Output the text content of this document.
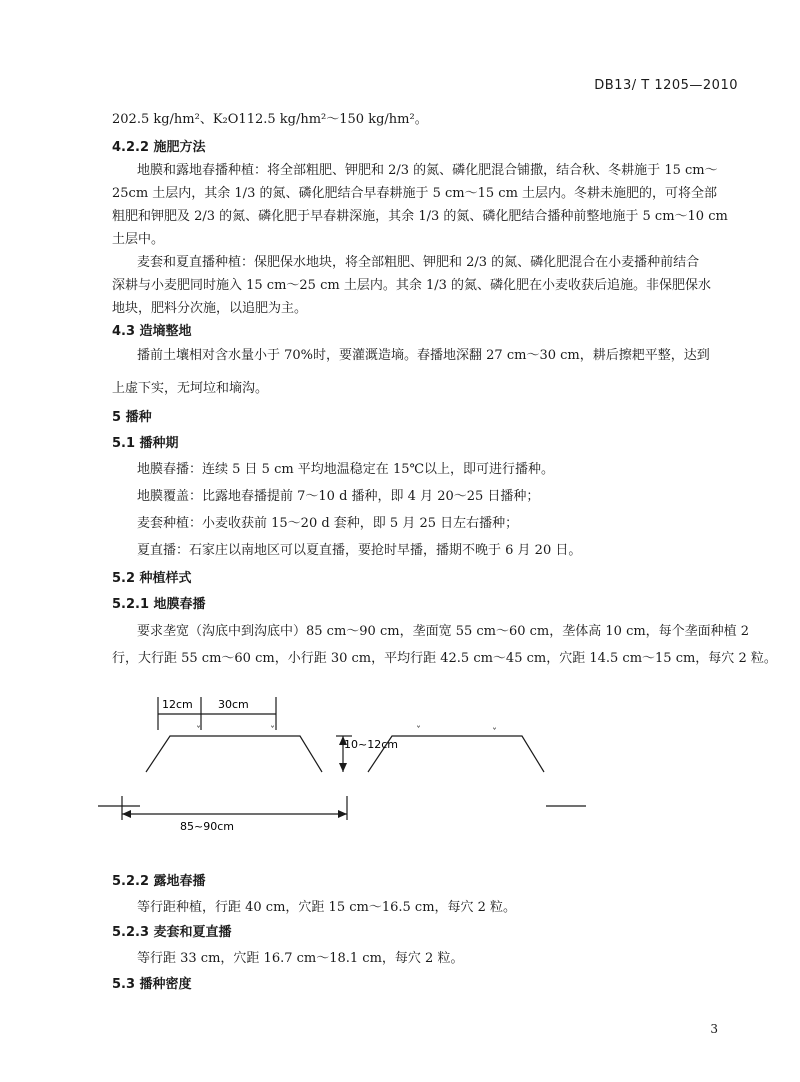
DB13/ T 1205—2010
202.5 kg/hm²、K₂O112.5 kg/hm²～150 kg/hm²。
4.2.2 施肥方法
地膜和露地春播种植：将全部粗肥、钾肥和 2/3 的氮、磷化肥混合铺撒，结合秋、冬耕施于 15 cm～
25cm 土层内，其余 1/3 的氮、磷化肥结合早春耕施于 5 cm～15 cm 土层内。冬耕未施肥的，可将全部
粗肥和钾肥及 2/3 的氮、磷化肥于早春耕深施，其余 1/3 的氮、磷化肥结合播种前整地施于 5 cm～10 cm
土层中。
麦套和夏直播种植：保肥保水地块，将全部粗肥、钾肥和 2/3 的氮、磷化肥混合在小麦播种前结合
深耕与小麦肥同时施入 15 cm～25 cm 土层内。其余 1/3 的氮、磷化肥在小麦收获后追施。非保肥保水
地块，肥料分次施，以追肥为主。
4.3 造墒整地
播前土壤相对含水量小于 70%时，要灌溉造墒。春播地深翻 27 cm～30 cm，耕后擦耙平整，达到
上虚下实，无坷垃和墒沟。
5 播种
5.1 播种期
地膜春播：连续 5 日 5 cm 平均地温稳定在 15℃以上，即可进行播种。
地膜覆盖：比露地春播提前 7～10 d 播种，即 4 月 20～25 日播种；
麦套种植：小麦收获前 15～20 d 套种，即 5 月 25 日左右播种；
夏直播：石家庄以南地区可以夏直播，要抢时早播，播期不晚于 6 月 20 日。
5.2 种植样式
5.2.1 地膜春播
要求垄宽（沟底中到沟底中）85 cm～90 cm，垄面宽 55 cm～60 cm，垄体高 10 cm，每个垄面种植 2
行，大行距 55 cm～60 cm，小行距 30 cm，平均行距 42.5 cm～45 cm，穴距 14.5 cm～15 cm，每穴 2 粒。
ˇ	ˇ	ˇ	ˇ
12cm 30cm
10~12cm
85~90cm
5.2.2 露地春播
等行距种植，行距 40 cm，穴距 15 cm～16.5 cm，每穴 2 粒。
5.2.3 麦套和夏直播
等行距 33 cm，穴距 16.7 cm～18.1 cm，每穴 2 粒。
5.3 播种密度
3
